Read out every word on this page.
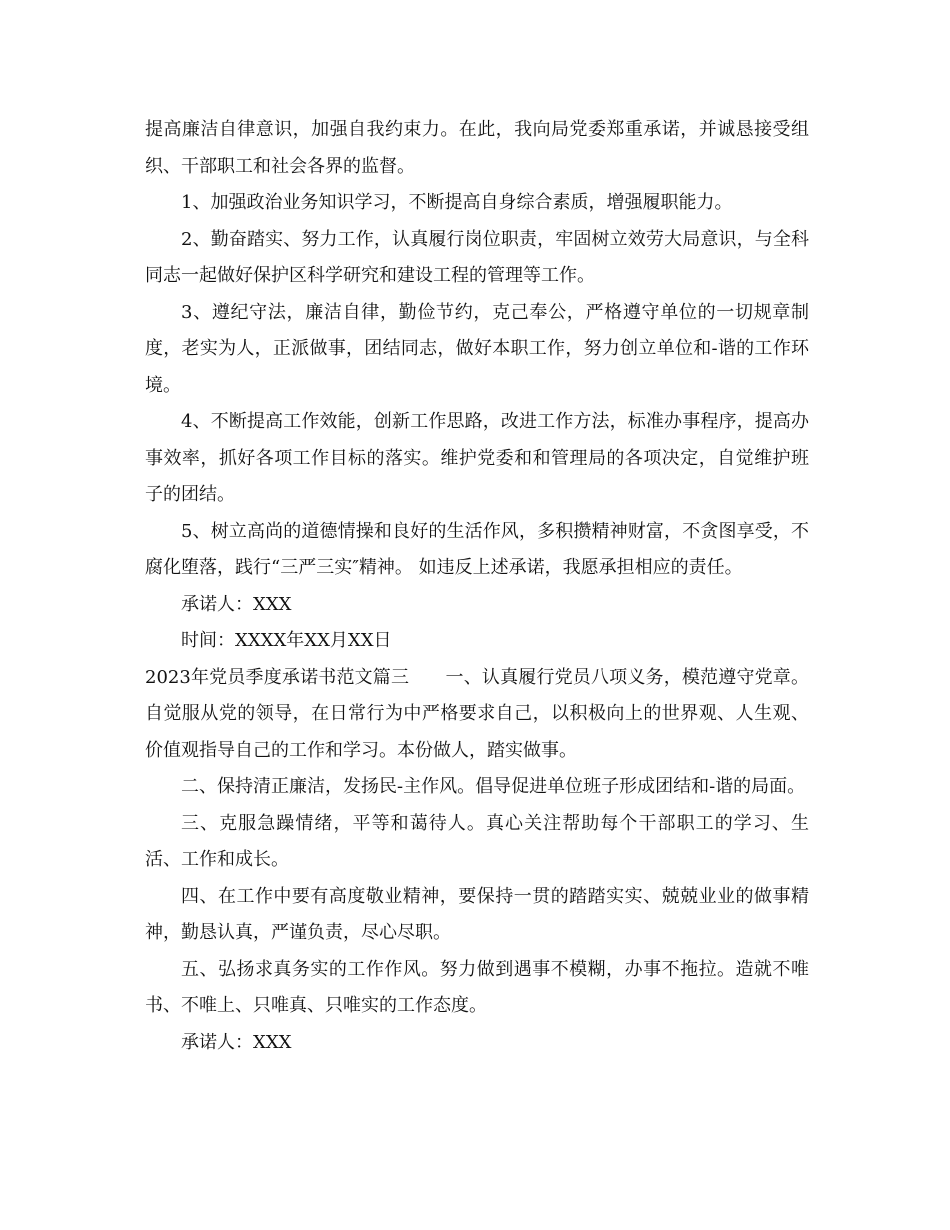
提高廉洁自律意识，加强自我约束力。在此，我向局党委郑重承诺，并诚恳接受组织、干部职工和社会各界的监督。

1、加强政治业务知识学习，不断提高自身综合素质，增强履职能力。

2、勤奋踏实、努力工作，认真履行岗位职责，牢固树立效劳大局意识，与全科同志一起做好保护区科学研究和建设工程的管理等工作。

3、遵纪守法，廉洁自律，勤俭节约，克己奉公，严格遵守单位的一切规章制度，老实为人，正派做事，团结同志，做好本职工作，努力创立单位和-谐的工作环境。

4、不断提高工作效能，创新工作思路，改进工作方法，标准办事程序，提高办事效率，抓好各项工作目标的落实。维护党委和和管理局的各项决定，自觉维护班子的团结。

5、树立高尚的道德情操和良好的生活作风，多积攒精神财富，不贪图享受，不腐化堕落，践行“三严三实″精神。 如违反上述承诺，我愿承担相应的责任。

承诺人：XXX

时间：XXXX年XX月XX日

2023年党员季度承诺书范文篇三　　一、认真履行党员八项义务，模范遵守党章。自觉服从党的领导，在日常行为中严格要求自己，以积极向上的世界观、人生观、价值观指导自己的工作和学习。本份做人，踏实做事。

二、保持清正廉洁，发扬民-主作风。倡导促进单位班子形成团结和-谐的局面。

三、克服急躁情绪，平等和蔼待人。真心关注帮助每个干部职工的学习、生活、工作和成长。

四、在工作中要有高度敬业精神，要保持一贯的踏踏实实、兢兢业业的做事精神，勤恳认真，严谨负责，尽心尽职。

五、弘扬求真务实的工作作风。努力做到遇事不模糊，办事不拖拉。造就不唯书、不唯上、只唯真、只唯实的工作态度。

承诺人：XXX
